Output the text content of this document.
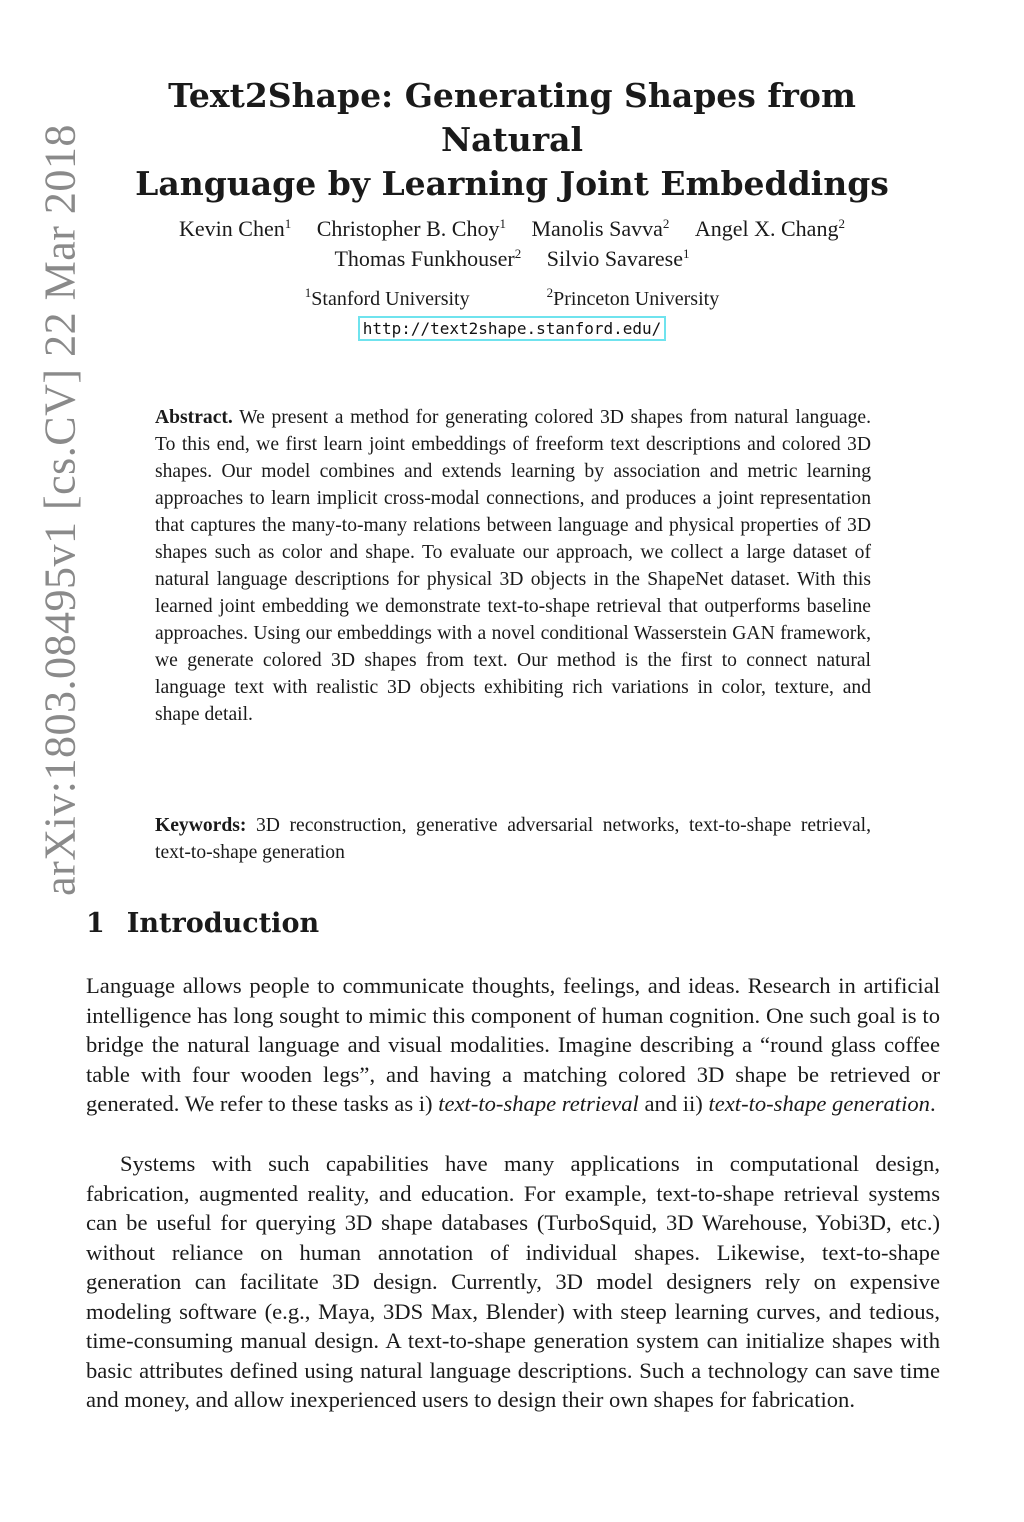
arXiv:1803.08495v1 [cs.CV] 22 Mar 2018
Text2Shape: Generating Shapes from Natural
Language by Learning Joint Embeddings
Kevin Chen$^1$ Christopher B. Choy$^1$ Manolis Savva$^2$ Angel X. Chang$^2$
Thomas Funkhouser$^2$ Silvio Savarese$^1$
$^1$Stanford University	$^2$Princeton University
http://text2shape.stanford.edu/

Abstract. We present a method for generating colored 3D shapes from natural language. To this end, we first learn joint embeddings of freeform text descriptions and colored 3D shapes. Our model combines and extends learning by association and metric learning approaches to learn implicit cross-modal connections, and produces a joint representation that captures the many-to-many relations between language and physical properties of 3D shapes such as color and shape. To evaluate our approach, we collect a large dataset of natural language descriptions for physical 3D objects in the ShapeNet dataset. With this learned joint embedding we demonstrate text-to-shape retrieval that outperforms baseline approaches. Using our embeddings with a novel conditional Wasserstein GAN framework, we generate colored 3D shapes from text. Our method is the first to connect natural language text with realistic 3D objects exhibiting rich variations in color, texture, and shape detail.

Keywords: 3D reconstruction, generative adversarial networks, text-to-shape retrieval, text-to-shape generation

1 Introduction

Language allows people to communicate thoughts, feelings, and ideas. Research in artificial intelligence has long sought to mimic this component of human cognition. One such goal is to bridge the natural language and visual modalities. Imagine describing a “round glass coffee table with four wooden legs”, and having a matching colored 3D shape be retrieved or generated. We refer to these tasks as i) text-to-shape retrieval and ii) text-to-shape generation.

Systems with such capabilities have many applications in computational design, fabrication, augmented reality, and education. For example, text-to-shape retrieval systems can be useful for querying 3D shape databases (TurboSquid, 3D Warehouse, Yobi3D, etc.) without reliance on human annotation of individual shapes. Likewise, text-to-shape generation can facilitate 3D design. Currently, 3D model designers rely on expensive modeling software (e.g., Maya, 3DS Max, Blender) with steep learning curves, and tedious, time-consuming manual design. A text-to-shape generation system can initialize shapes with basic attributes defined using natural language descriptions. Such a technology can save time and money, and allow inexperienced users to design their own shapes for fabrication.
